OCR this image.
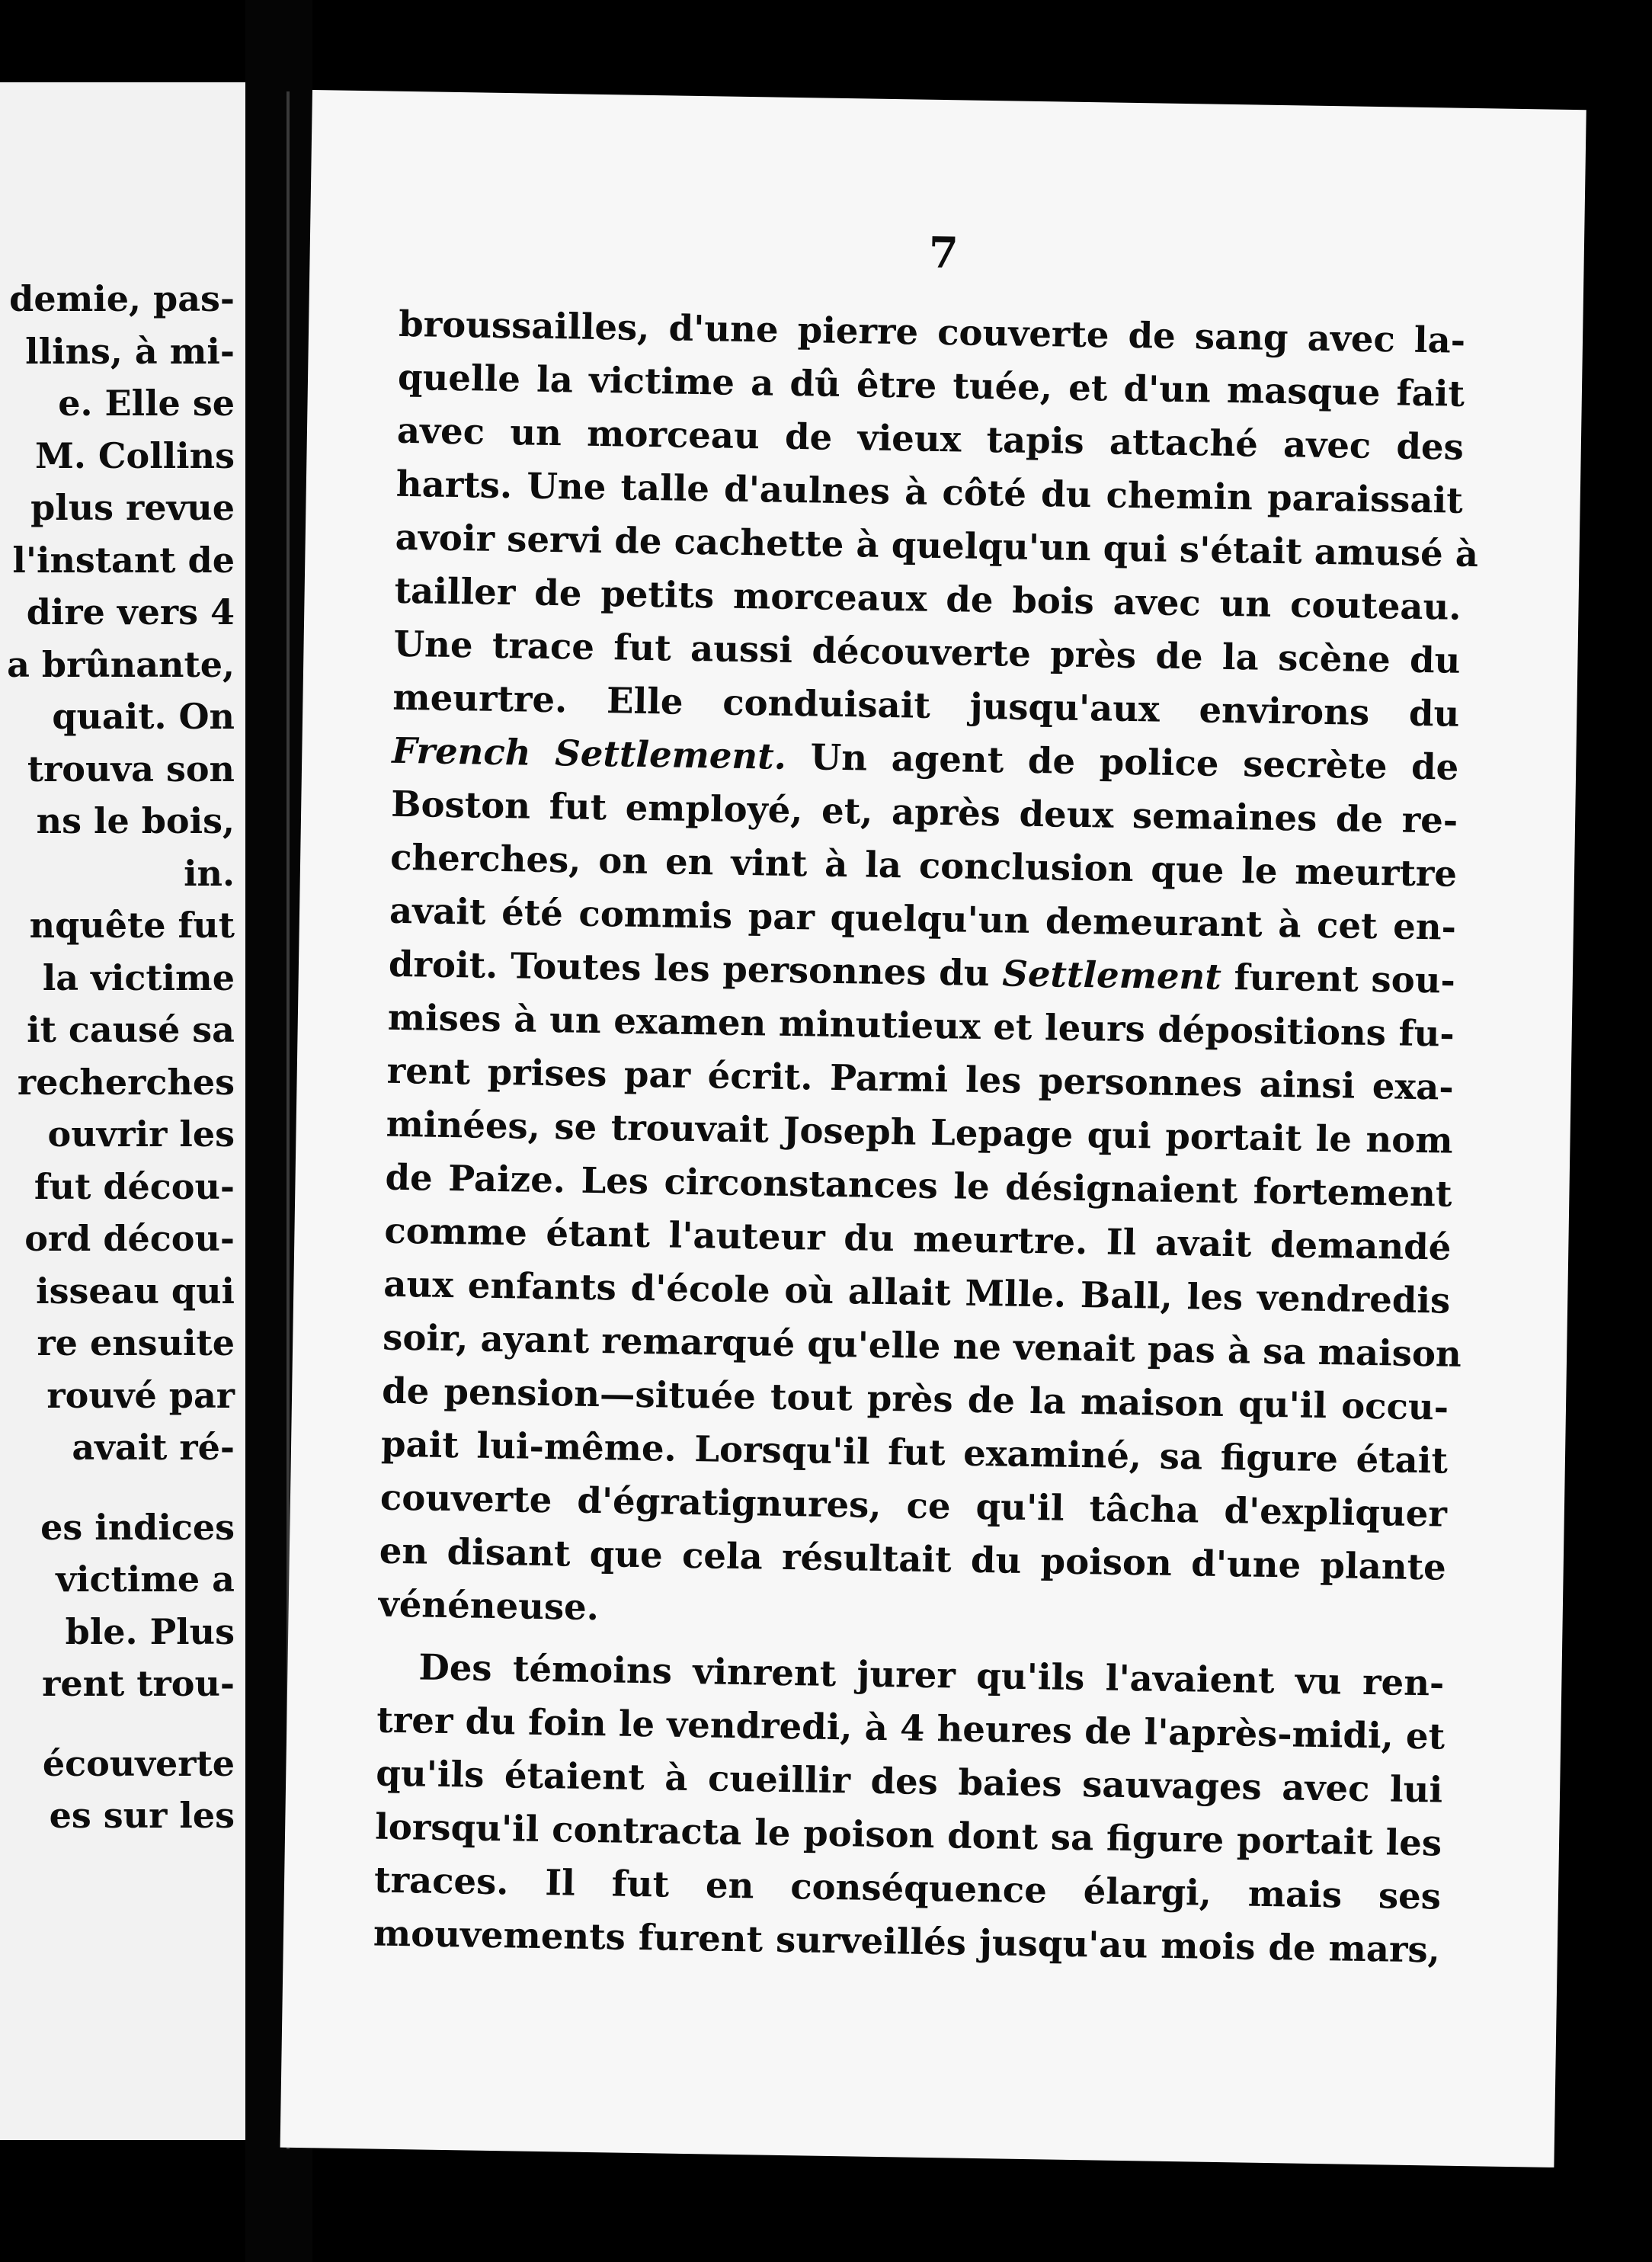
demie, pas-
llins, à mi-
e. Elle se
M. Collins
plus revue
l'instant de
dire vers 4
a brûnante,
quait. On
trouva son
ns le bois,
in.
nquête fut
la victime
it causé sa
recherches
ouvrir les
fut décou-
ord décou-
isseau qui
re ensuite
rouvé par
avait ré-
es indices
victime a
ble. Plus
rent trou-
écouverte
es sur les
7
broussailles, d'une pierre couverte de sang avec la-
quelle la victime a dû être tuée, et d'un masque fait
avec un morceau de vieux tapis attaché avec des
harts. Une talle d'aulnes à côté du chemin paraissait
avoir servi de cachette à quelqu'un qui s'était amusé à
tailler de petits morceaux de bois avec un couteau.
Une trace fut aussi découverte près de la scène du
meurtre. Elle conduisait jusqu'aux environs du
French Settlement. Un agent de police secrète de
Boston fut employé, et, après deux semaines de re-
cherches, on en vint à la conclusion que le meurtre
avait été commis par quelqu'un demeurant à cet en-
droit. Toutes les personnes du Settlement furent sou-
mises à un examen minutieux et leurs dépositions fu-
rent prises par écrit. Parmi les personnes ainsi exa-
minées, se trouvait Joseph Lepage qui portait le nom
de Paize. Les circonstances le désignaient fortement
comme étant l'auteur du meurtre. Il avait demandé
aux enfants d'école où allait Mlle. Ball, les vendredis
soir, ayant remarqué qu'elle ne venait pas à sa maison
de pension—située tout près de la maison qu'il occu-
pait lui-même. Lorsqu'il fut examiné, sa figure était
couverte d'égratignures, ce qu'il tâcha d'expliquer
en disant que cela résultait du poison d'une plante
vénéneuse.
Des témoins vinrent jurer qu'ils l'avaient vu ren-
trer du foin le vendredi, à 4 heures de l'après-midi, et
qu'ils étaient à cueillir des baies sauvages avec lui
lorsqu'il contracta le poison dont sa figure portait les
traces. Il fut en conséquence élargi, mais ses
mouvements furent surveillés jusqu'au mois de mars,
